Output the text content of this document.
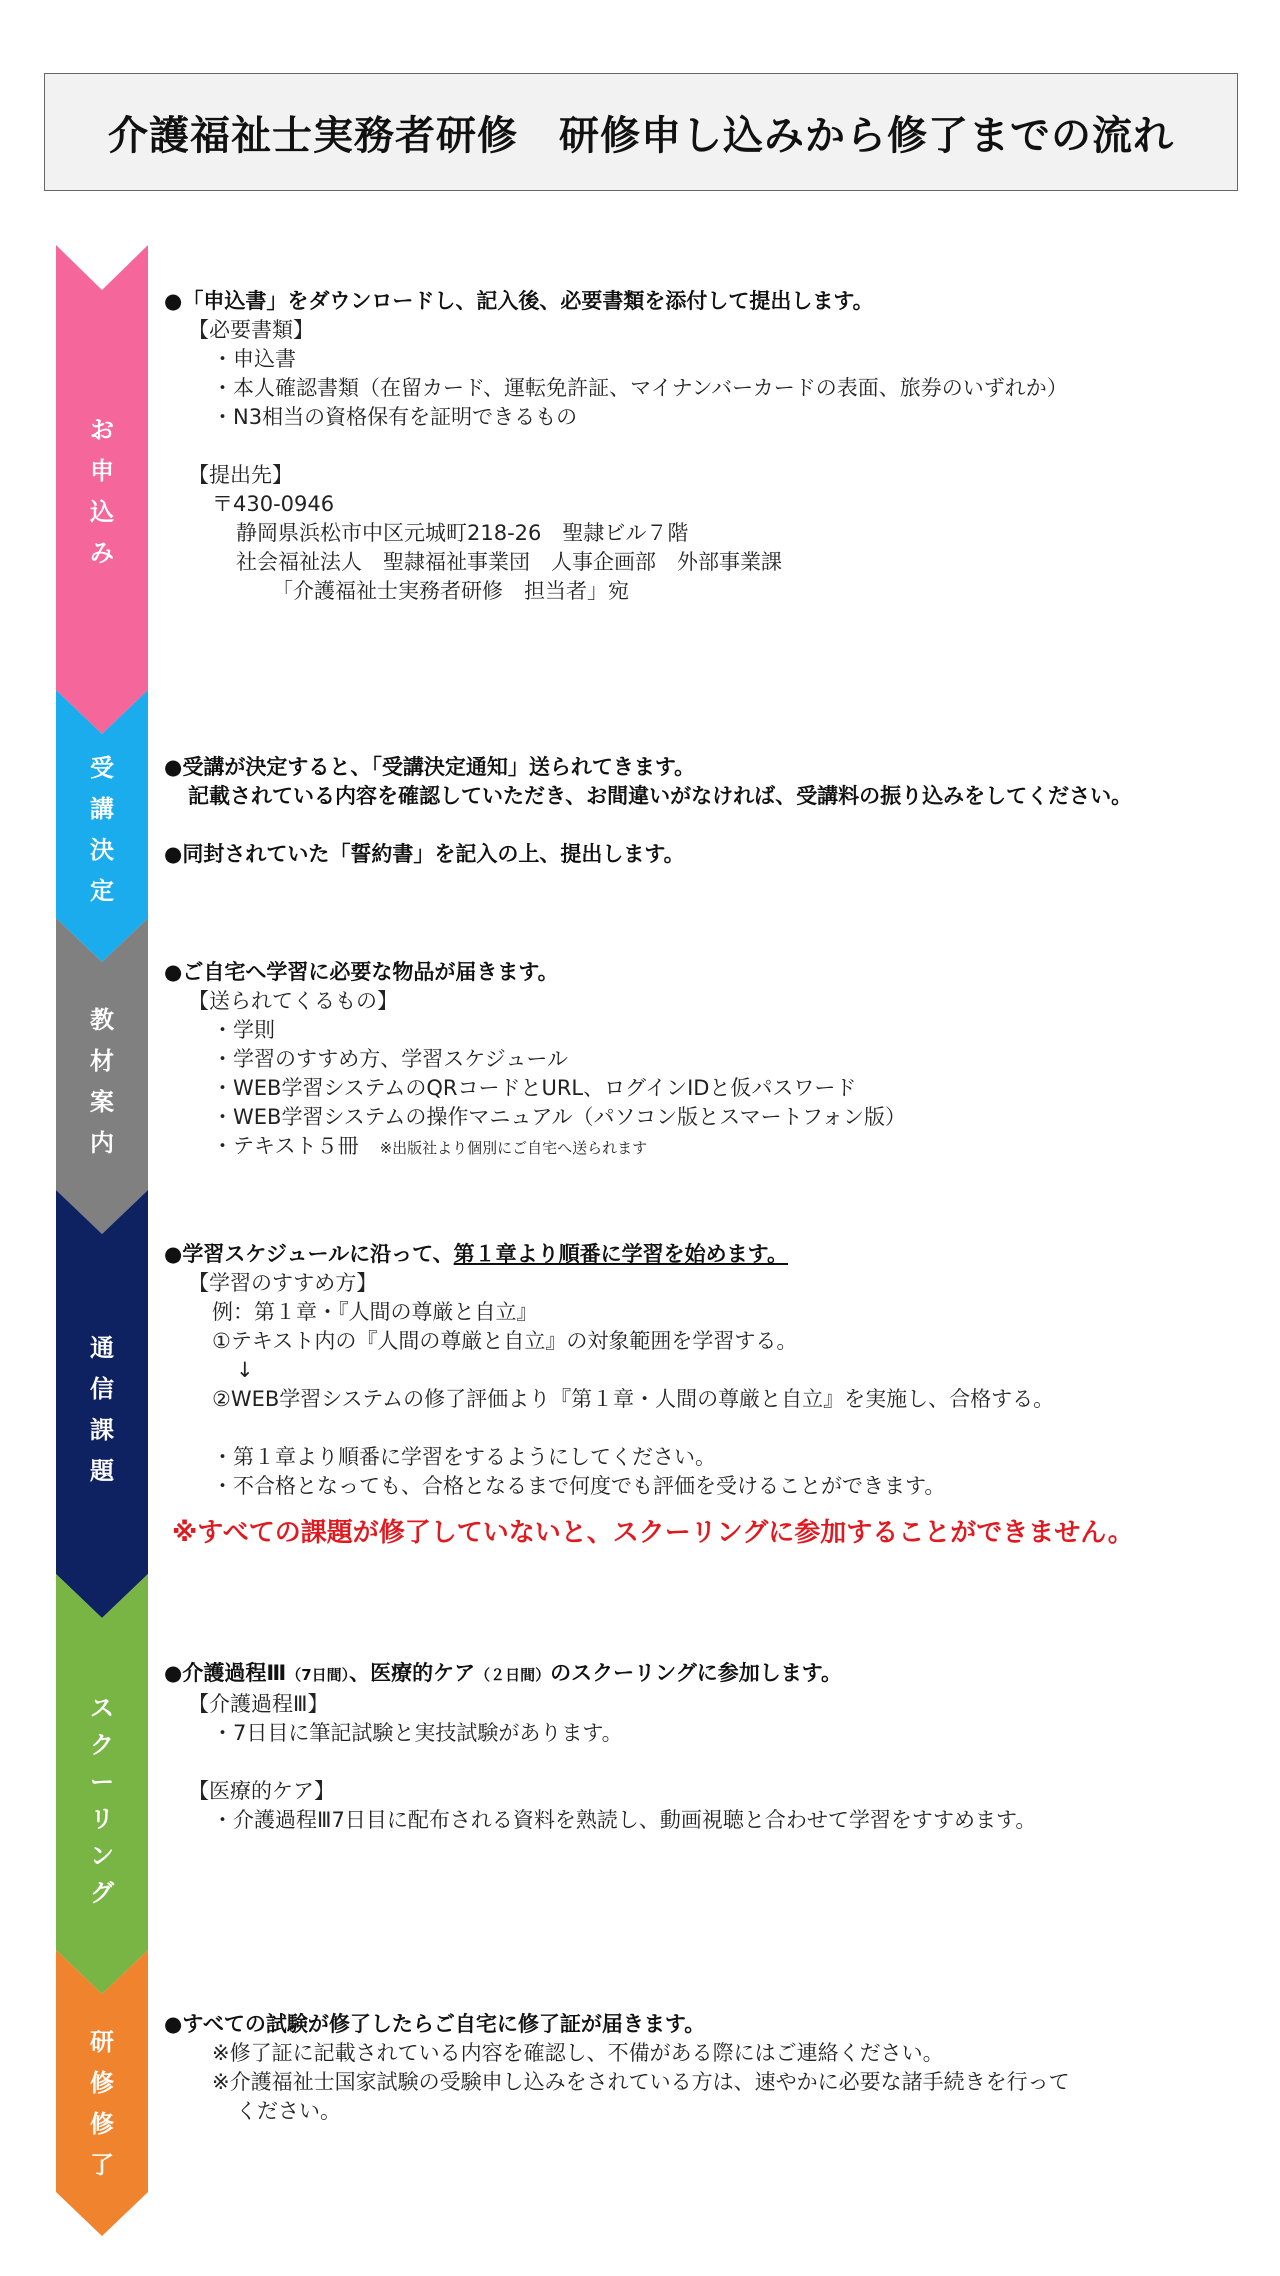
介護福祉士実務者研修　研修申し込みから修了までの流れ
お
申
込
み
受
講
決
定
教
材
案
内
通
信
課
題
ス
ク
ー
リ
ン
グ
研
修
修
了

●「申込書」をダウンロードし、記入後、必要書類を添付して提出します。

【必要書類】

・申込書

・本人確認書類（在留カード、運転免許証、マイナンバーカードの表面、旅券のいずれか）

・N3相当の資格保有を証明できるもの

【提出先】

〒430-0946

静岡県浜松市中区元城町218-26　聖隷ビル７階

社会福祉法人　聖隷福祉事業団　人事企画部　外部事業課

「介護福祉士実務者研修　担当者」宛

●受講が決定すると、「受講決定通知」送られてきます。

記載されている内容を確認していただき、お間違いがなければ、受講料の振り込みをしてください。

●同封されていた「誓約書」を記入の上、提出します。

●ご自宅へ学習に必要な物品が届きます。

【送られてくるもの】

・学則

・学習のすすめ方、学習スケジュール

・WEB学習システムのQRコードとURL、ログインIDと仮パスワード

・WEB学習システムの操作マニュアル（パソコン版とスマートフォン版）

・テキスト５冊　 ※出版社より個別にご自宅へ送られます

●学習スケジュールに沿って、第１章より順番に学習を始めます。

【学習のすすめ方】

例：第１章・『人間の尊厳と自立』

①テキスト内の『人間の尊厳と自立』の対象範囲を学習する。

↓

②WEB学習システムの修了評価より『第１章・人間の尊厳と自立』を実施し、合格する。

・第１章より順番に学習をするようにしてください。

・不合格となっても、合格となるまで何度でも評価を受けることができます。

※すべての課題が修了していないと、スクーリングに参加することができません。

●介護過程Ⅲ（7日間）、医療的ケア（２日間）のスクーリングに参加します。

【介護過程Ⅲ】

・7日目に筆記試験と実技試験があります。

【医療的ケア】

・介護過程Ⅲ7日目に配布される資料を熟読し、動画視聴と合わせて学習をすすめます。

●すべての試験が修了したらご自宅に修了証が届きます。

※修了証に記載されている内容を確認し、不備がある際にはご連絡ください。

※介護福祉士国家試験の受験申し込みをされている方は、速やかに必要な諸手続きを行って

ください。
